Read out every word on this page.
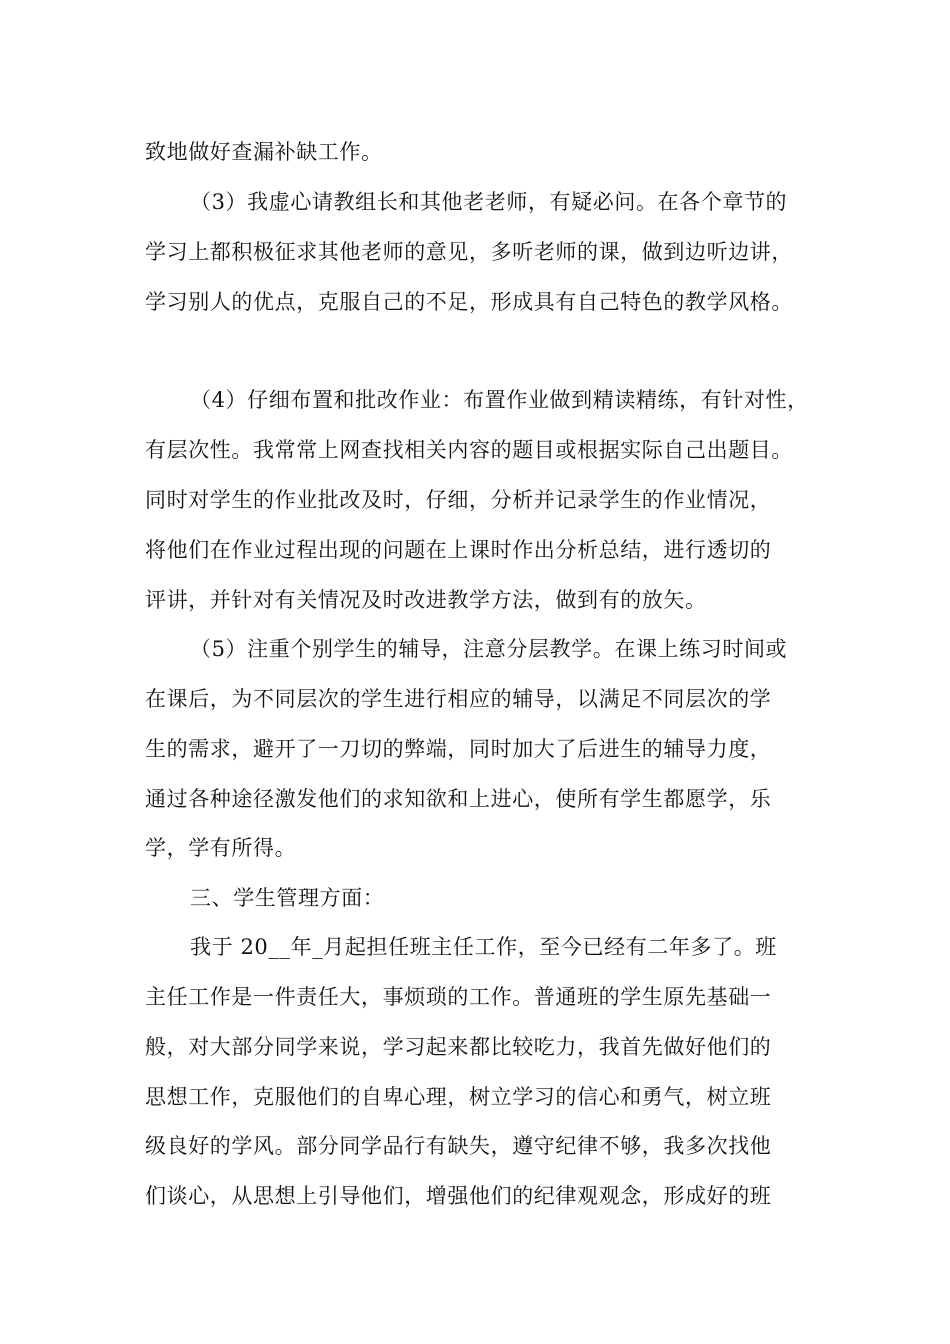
致地做好查漏补缺工作。
（3）我虚心请教组长和其他老老师，有疑必问。在各个章节的
学习上都积极征求其他老师的意见，多听老师的课，做到边听边讲，
学习别人的优点，克服自己的不足，形成具有自己特色的教学风格。
（4）仔细布置和批改作业：布置作业做到精读精练，有针对性，
有层次性。我常常上网查找相关内容的题目或根据实际自己出题目。
同时对学生的作业批改及时，仔细，分析并记录学生的作业情况，
将他们在作业过程出现的问题在上课时作出分析总结，进行透切的
评讲，并针对有关情况及时改进教学方法，做到有的放矢。
（5）注重个别学生的辅导，注意分层教学。在课上练习时间或
在课后，为不同层次的学生进行相应的辅导，以满足不同层次的学
生的需求，避开了一刀切的弊端，同时加大了后进生的辅导力度，
通过各种途径激发他们的求知欲和上进心，使所有学生都愿学，乐
学，学有所得。
三、学生管理方面：
我于 20__年_月起担任班主任工作，至今已经有二年多了。班
主任工作是一件责任大，事烦琐的工作。普通班的学生原先基础一
般，对大部分同学来说，学习起来都比较吃力，我首先做好他们的
思想工作，克服他们的自卑心理，树立学习的信心和勇气，树立班
级良好的学风。部分同学品行有缺失，遵守纪律不够，我多次找他
们谈心，从思想上引导他们，增强他们的纪律观观念，形成好的班
